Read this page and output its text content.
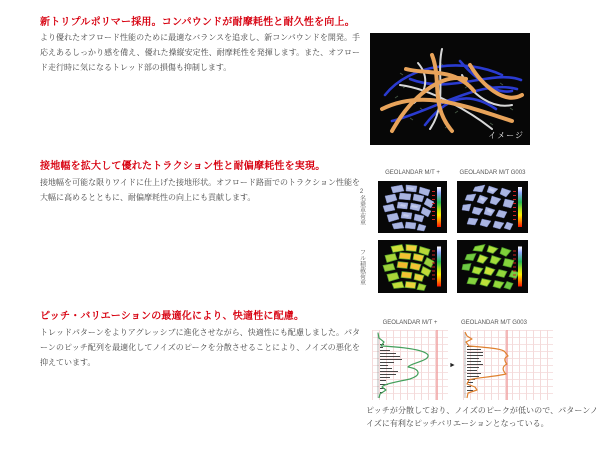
新トリプルポリマー採用。コンパウンドが耐摩耗性と耐久性を向上。
より優れたオフロード性能のために最適なバランスを追求し、新コンパウンドを開発。手応えあるしっかり感を備え、優れた操縦安定性、耐摩耗性を発揮します。また、オフロード走行時に気になるトレッド部の損傷も抑制します。
イメージ
接地幅を拡大して優れたトラクション性と耐偏摩耗性を実現。
接地幅を可能な限りワイドに仕上げた接地形状。オフロード路面でのトラクション性能を大幅に高めるとともに、耐偏摩耗性の向上にも貢献します。
GEOLANDAR M/T +	GEOLANDAR M/T G003
2名乗車荷重
フル積載荷重
ピッチ・バリエーションの最適化により、快適性に配慮。
トレッドパターンをよりアグレッシブに進化させながら、快適性にも配慮しました。パターンのピッチ配列を最適化してノイズのピークを分散させることにより、ノイズの悪化を抑えています。
GEOLANDAR M/T +	GEOLANDAR M/T G003
►
ピッチが分散しており、ノイズのピークが低いので、パターンノイズに有利なピッチバリエーションとなっている。
